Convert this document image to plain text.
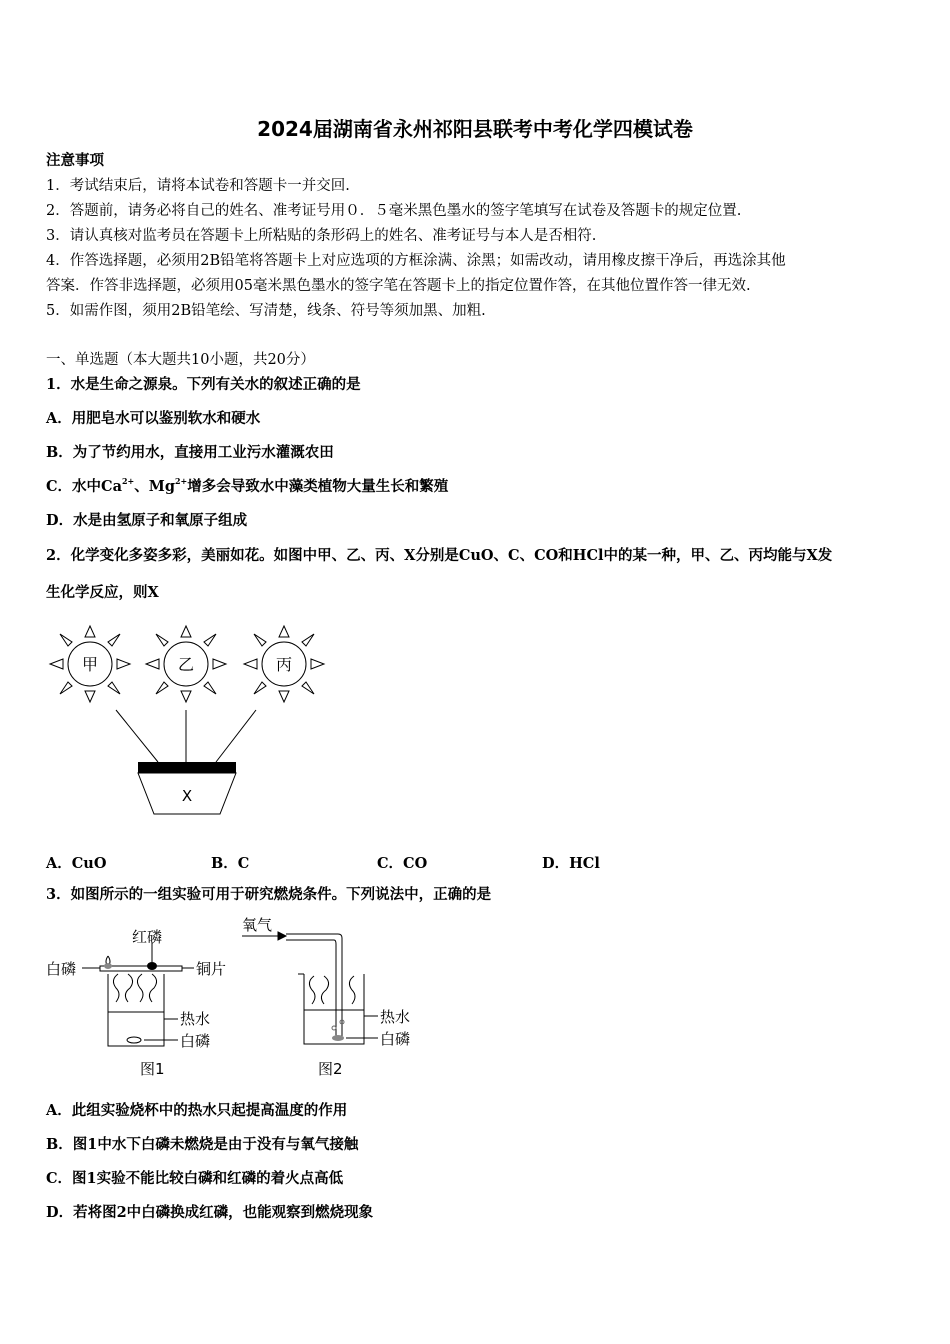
2024届湖南省永州祁阳县联考中考化学四模试卷
注意事项
1．考试结束后，请将本试卷和答题卡一并交回.
2．答题前，请务必将自己的姓名、准考证号用０．５毫米黑色墨水的签字笔填写在试卷及答题卡的规定位置.
3．请认真核对监考员在答题卡上所粘贴的条形码上的姓名、准考证号与本人是否相符.
4．作答选择题，必须用2B铅笔将答题卡上对应选项的方框涂满、涂黑；如需改动，请用橡皮擦干净后，再选涂其他
答案．作答非选择题，必须用05毫米黑色墨水的签字笔在答题卡上的指定位置作答，在其他位置作答一律无效.
5．如需作图，须用2B铅笔绘、写清楚，线条、符号等须加黑、加粗.
一、单选题（本大题共10小题，共20分）
1．水是生命之源泉。下列有关水的叙述正确的是
A．用肥皂水可以鉴别软水和硬水
B．为了节约用水，直接用工业污水灌溉农田
C．水中$Ca^{2+}$、$Mg^{2+}$增多会导致水中藻类植物大量生长和繁殖
D．水是由氢原子和氧原子组成
2．化学变化多姿多彩，美丽如花。如图中甲、乙、丙、X分别是CuO、C、CO和HCl中的某一种，甲、乙、丙均能与X发
生化学反应，则X
甲	乙	丙
X
A．CuO	B．C	C．CO	D．HCl
3．如图所示的一组实验可用于研究燃烧条件。下列说法中，正确的是
红磷
白磷	铜片
热水
白磷
图1
氧气
热水
白磷
图2
A．此组实验烧杯中的热水只起提高温度的作用
B．图1中水下白磷未燃烧是由于没有与氧气接触
C．图1实验不能比较白磷和红磷的着火点高低
D．若将图2中白磷换成红磷，也能观察到燃烧现象
